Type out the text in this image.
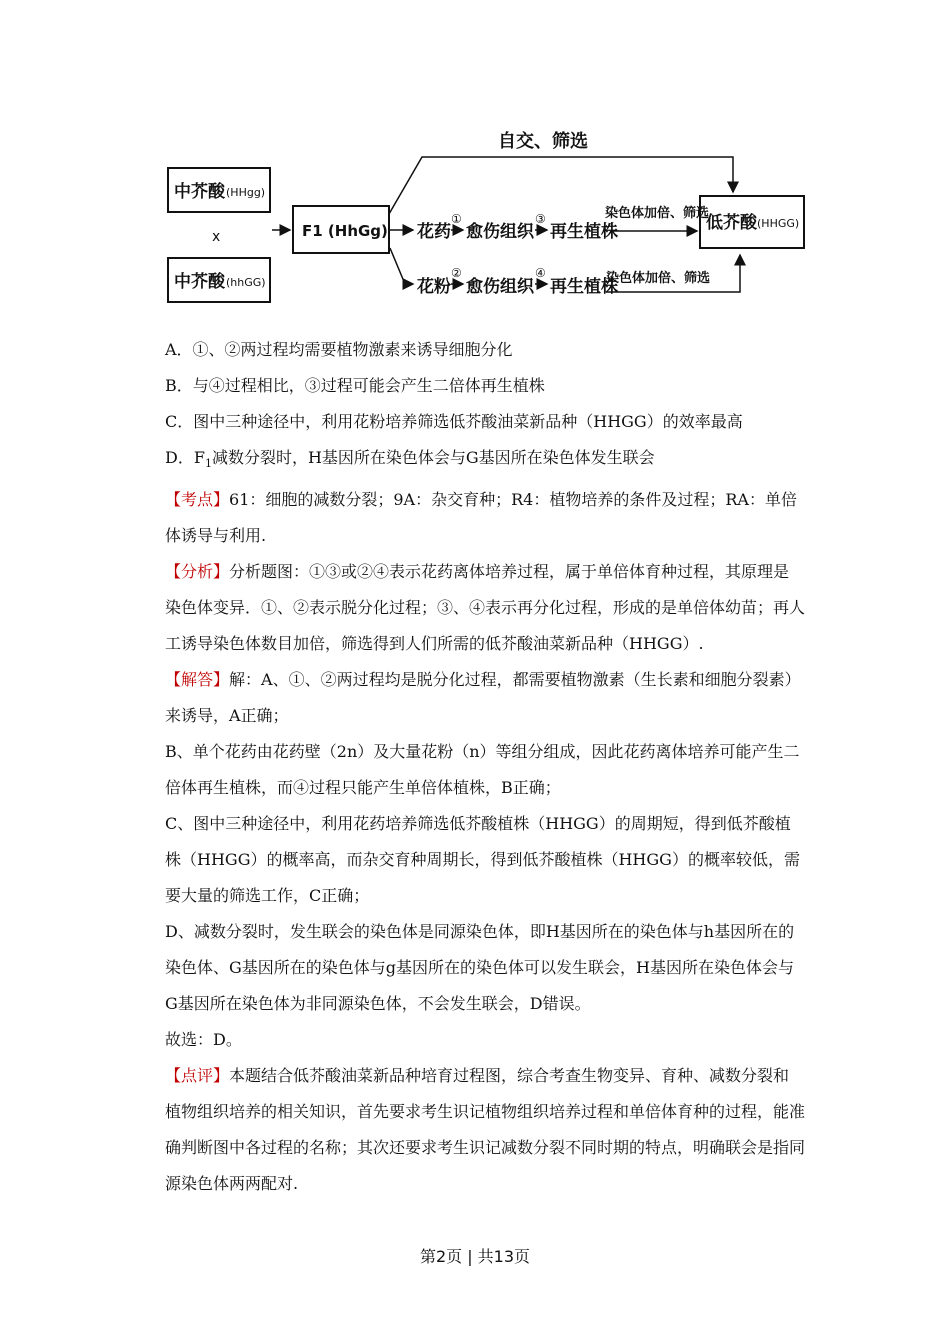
中芥酸 (HHgg)
x
中芥酸 (hhGG)
F1 (HhGg)
自交、筛选
花药
①
愈伤组织
③
再生植株
染色体加倍、筛选
花粉
②
愈伤组织
④
再生植株
染色体加倍、筛选
低芥酸 (HHGG)

A．①、②两过程均需要植物激素来诱导细胞分化

B．与④过程相比，③过程可能会产生二倍体再生植株

C．图中三种途径中，利用花粉培养筛选低芥酸油菜新品种（HHGG）的效率最高

D．$F_1$减数分裂时，H基因所在染色体会与G基因所在染色体发生联会

【考点】61：细胞的减数分裂；9A：杂交育种；R4：植物培养的条件及过程；RA：单倍体诱导与利用.

【分析】分析题图：①③或②④表示花药离体培养过程，属于单倍体育种过程，其原理是染色体变异．①、②表示脱分化过程；③、④表示再分化过程，形成的是单倍体幼苗；再人工诱导染色体数目加倍，筛选得到人们所需的低芥酸油菜新品种（HHGG）.

【解答】解：A、①、②两过程均是脱分化过程，都需要植物激素（生长素和细胞分裂素）来诱导，A正确；

B、单个花药由花药壁（2n）及大量花粉（n）等组分组成，因此花药离体培养可能产生二倍体再生植株，而④过程只能产生单倍体植株，B正确；

C、图中三种途径中，利用花药培养筛选低芥酸植株（HHGG）的周期短，得到低芥酸植株（HHGG）的概率高，而杂交育种周期长，得到低芥酸植株（HHGG）的概率较低，需要大量的筛选工作，C正确；

D、减数分裂时，发生联会的染色体是同源染色体，即H基因所在的染色体与h基因所在的染色体、G基因所在的染色体与g基因所在的染色体可以发生联会，H基因所在染色体会与G基因所在染色体为非同源染色体，不会发生联会，D错误。

故选：D。

【点评】本题结合低芥酸油菜新品种培育过程图，综合考查生物变异、育种、减数分裂和植物组织培养的相关知识，首先要求考生识记植物组织培养过程和单倍体育种的过程，能准确判断图中各过程的名称；其次还要求考生识记减数分裂不同时期的特点，明确联会是指同源染色体两两配对.

第2页 | 共13页
